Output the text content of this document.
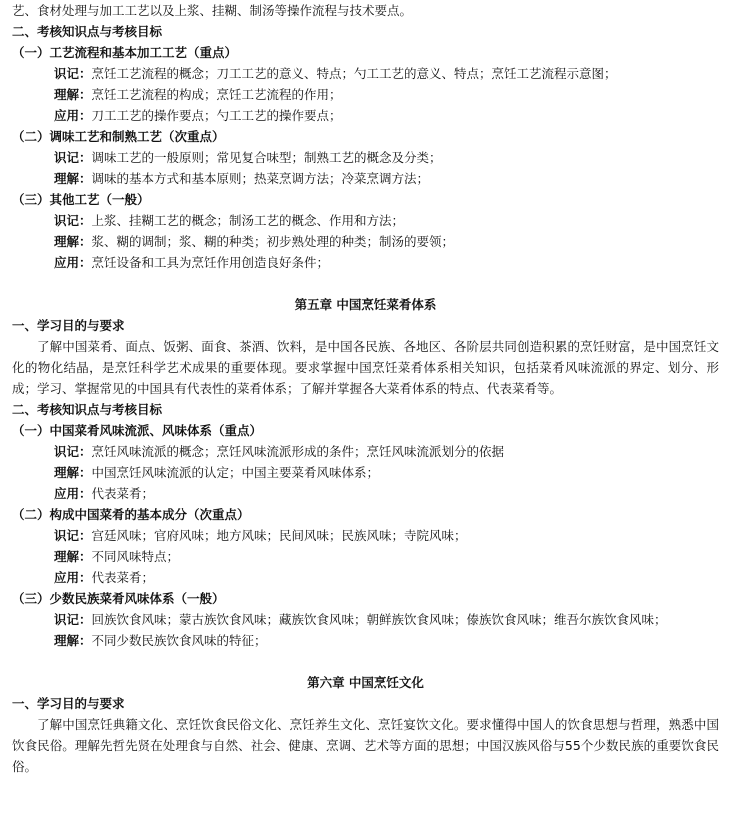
艺、食材处理与加工工艺以及上浆、挂糊、制汤等操作流程与技术要点。
二、考核知识点与考核目标
（一）工艺流程和基本加工工艺（重点）
识记：烹饪工艺流程的概念；刀工工艺的意义、特点；勺工工艺的意义、特点；烹饪工艺流程示意图；
理解：烹饪工艺流程的构成；烹饪工艺流程的作用；
应用：刀工工艺的操作要点；勺工工艺的操作要点；
（二）调味工艺和制熟工艺（次重点）
识记：调味工艺的一般原则；常见复合味型；制熟工艺的概念及分类；
理解：调味的基本方式和基本原则；热菜烹调方法；冷菜烹调方法；
（三）其他工艺（一般）
识记：上浆、挂糊工艺的概念；制汤工艺的概念、作用和方法；
理解：浆、糊的调制；浆、糊的种类；初步熟处理的种类；制汤的要领；
应用：烹饪设备和工具为烹饪作用创造良好条件；
第五章 中国烹饪菜肴体系
一、学习目的与要求

了解中国菜肴、面点、饭粥、面食、茶酒、饮料，是中国各民族、各地区、各阶层共同创造积累的烹饪财富，是中国烹饪文化的物化结晶，是烹饪科学艺术成果的重要体现。要求掌握中国烹饪菜肴体系相关知识，包括菜肴风味流派的界定、划分、形成；学习、掌握常见的中国具有代表性的菜肴体系；了解并掌握各大菜肴体系的特点、代表菜肴等。

二、考核知识点与考核目标
（一）中国菜肴风味流派、风味体系（重点）
识记：烹饪风味流派的概念；烹饪风味流派形成的条件；烹饪风味流派划分的依据
理解：中国烹饪风味流派的认定；中国主要菜肴风味体系；
应用：代表菜肴；
（二）构成中国菜肴的基本成分（次重点）
识记：宫廷风味；官府风味；地方风味；民间风味；民族风味；寺院风味；
理解：不同风味特点；
应用：代表菜肴；
（三）少数民族菜肴风味体系（一般）

识记：回族饮食风味；蒙古族饮食风味；藏族饮食风味；朝鲜族饮食风味；傣族饮食风味；维吾尔族饮食风味；

理解：不同少数民族饮食风味的特征；
第六章 中国烹饪文化
一、学习目的与要求

了解中国烹饪典籍文化、烹饪饮食民俗文化、烹饪养生文化、烹饪宴饮文化。要求懂得中国人的饮食思想与哲理，熟悉中国饮食民俗。理解先哲先贤在处理食与自然、社会、健康、烹调、艺术等方面的思想；中国汉族风俗与55个少数民族的重要饮食民俗。
